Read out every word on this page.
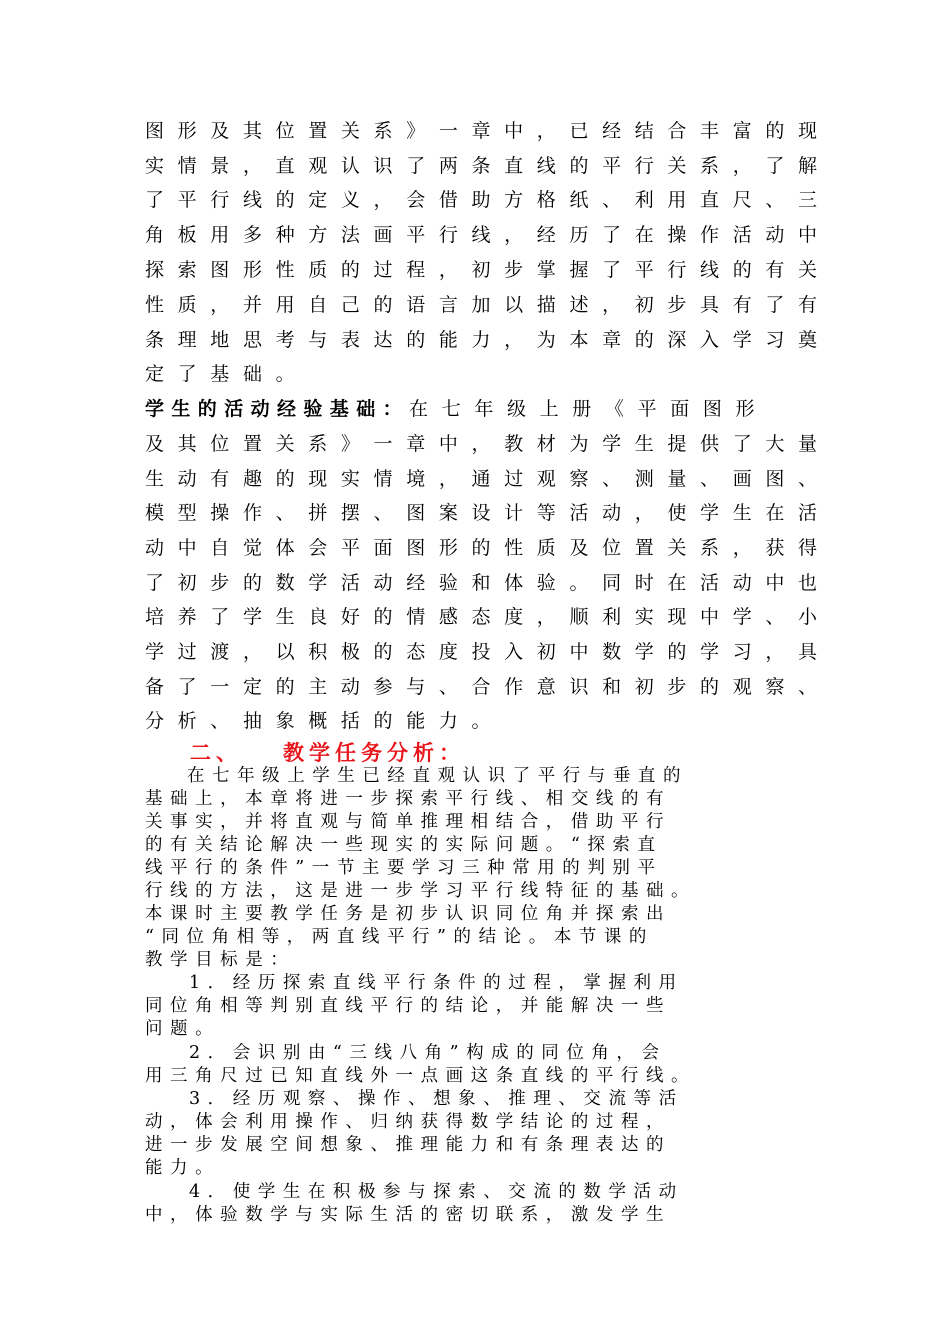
图形及其位置关系》一章中，已经结合丰富的现

实情景，直观认识了两条直线的平行关系，了解

了平行线的定义，会借助方格纸、利用直尺、三

角板用多种方法画平行线，经历了在操作活动中

探索图形性质的过程，初步掌握了平行线的有关

性质，并用自己的语言加以描述，初步具有了有

条理地思考与表达的能力，为本章的深入学习奠

定了基础。

学生的活动经验基础：在七年级上册《平面图形

及其位置关系》一章中，教材为学生提供了大量

生动有趣的现实情境，通过观察、测量、画图、

模型操作、拼摆、图案设计等活动，使学生在活

动中自觉体会平面图形的性质及位置关系，获得

了初步的数学活动经验和体验。同时在活动中也

培养了学生良好的情感态度，顺利实现中学、小

学过渡，以积极的态度投入初中数学的学习，具

备了一定的主动参与、合作意识和初步的观察、

分析、抽象概括的能力。

二、 教学任务分析：

在七年级上学生已经直观认识了平行与垂直的

基础上，本章将进一步探索平行线、相交线的有

关事实，并将直观与简单推理相结合，借助平行

的有关结论解决一些现实的实际问题。“探索直

线平行的条件”一节主要学习三种常用的判别平

行线的方法，这是进一步学习平行线特征的基础。

本课时主要教学任务是初步认识同位角并探索出

“同位角相等，两直线平行”的结论。本节课的

教学目标是：

1．经历探索直线平行条件的过程，掌握利用

同位角相等判别直线平行的结论，并能解决一些

问题。

2．会识别由“三线八角”构成的同位角，会

用三角尺过已知直线外一点画这条直线的平行线。

3．经历观察、操作、想象、推理、交流等活

动，体会利用操作、归纳获得数学结论的过程，

进一步发展空间想象、推理能力和有条理表达的

能力。

4．使学生在积极参与探索、交流的数学活动

中，体验数学与实际生活的密切联系，激发学生
